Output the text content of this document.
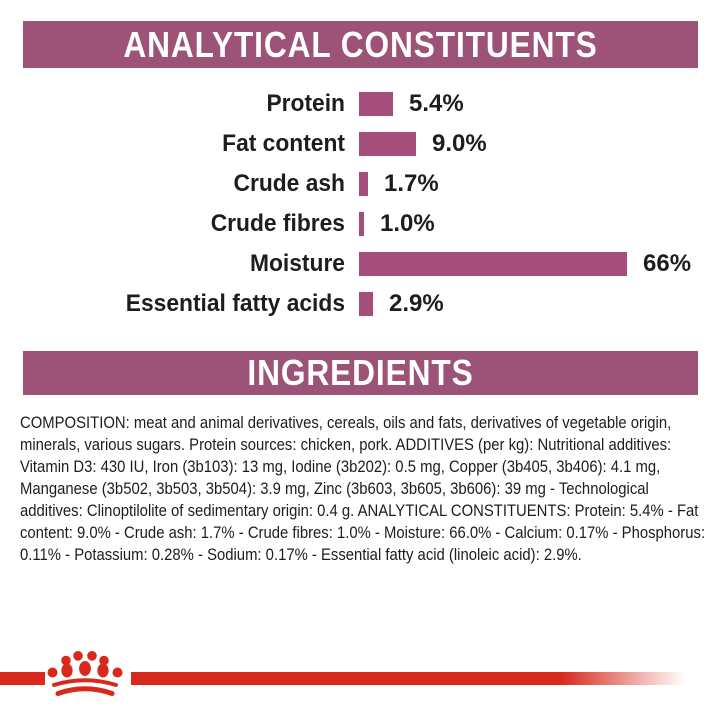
ANALYTICAL CONSTITUENTS
Protein	5.4%
Fat content	9.0%
Crude ash 1.7%
Crude fibres 1.0%
Moisture	66%
Essential fatty acids 2.9%
INGREDIENTS

COMPOSITION: meat and animal derivatives, cereals, oils and fats, derivatives of vegetable origin, minerals, various sugars. Protein sources: chicken, pork. ADDITIVES (per kg): Nutritional additives: Vitamin D3: 430 IU, Iron (3b103): 13 mg, Iodine (3b202): 0.5 mg, Copper (3b405, 3b406): 4.1 mg, Manganese (3b502, 3b503, 3b504): 3.9 mg, Zinc (3b603, 3b605, 3b606): 39 mg - Technological additives: Clinoptilolite of sedimentary origin: 0.4 g. ANALYTICAL CONSTITUENTS: Protein: 5.4% - Fat content: 9.0% - Crude ash: 1.7% - Crude fibres: 1.0% - Moisture: 66.0% - Calcium: 0.17% - Phosphorus: 0.11% - Potassium: 0.28% - Sodium: 0.17% - Essential fatty acid (linoleic acid): 2.9%.
